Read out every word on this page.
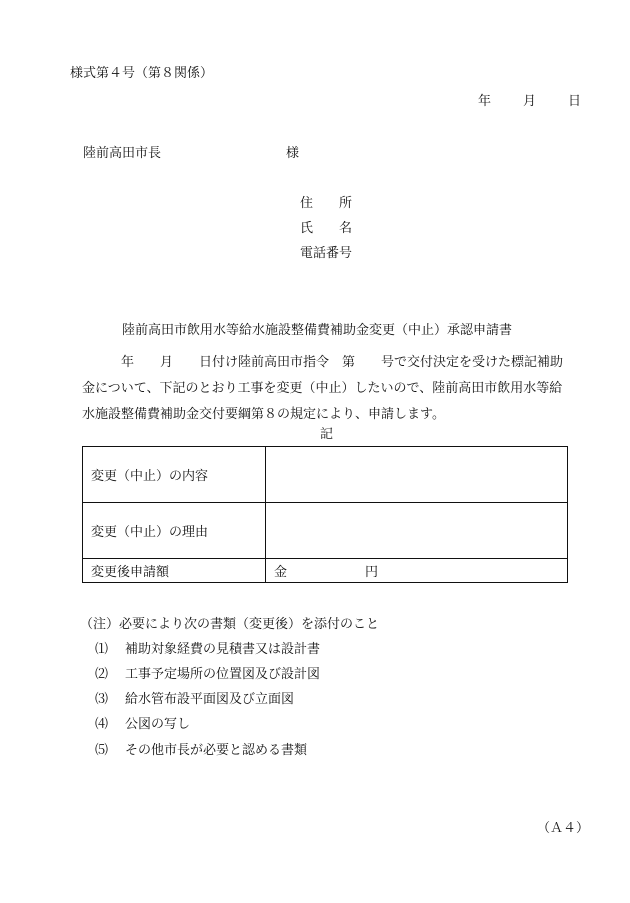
様式第４号（第８関係）
年 月 日
陸前高田市長	様
住　　所
氏　　名
電話番号
陸前高田市飲用水等給水施設整備費補助金変更（中止）承認申請書
　　　年　　月　　日付け陸前高田市指令　第　　号で交付決定を受けた標記補助金について、下記のとおり工事を変更（中止）したいので、陸前高田市飲用水等給水施設整備費補助金交付要綱第８の規定により、申請します。
記
変更（中止）の内容	
変更（中止）の理由	
変更後申請額	金　　　　　　円
（注）必要により次の書類（変更後）を添付のこと
⑴ 補助対象経費の見積書又は設計書
⑵ 工事予定場所の位置図及び設計図
⑶ 給水管布設平面図及び立面図
⑷ 公図の写し
⑸ その他市長が必要と認める書類
（Ａ４）
